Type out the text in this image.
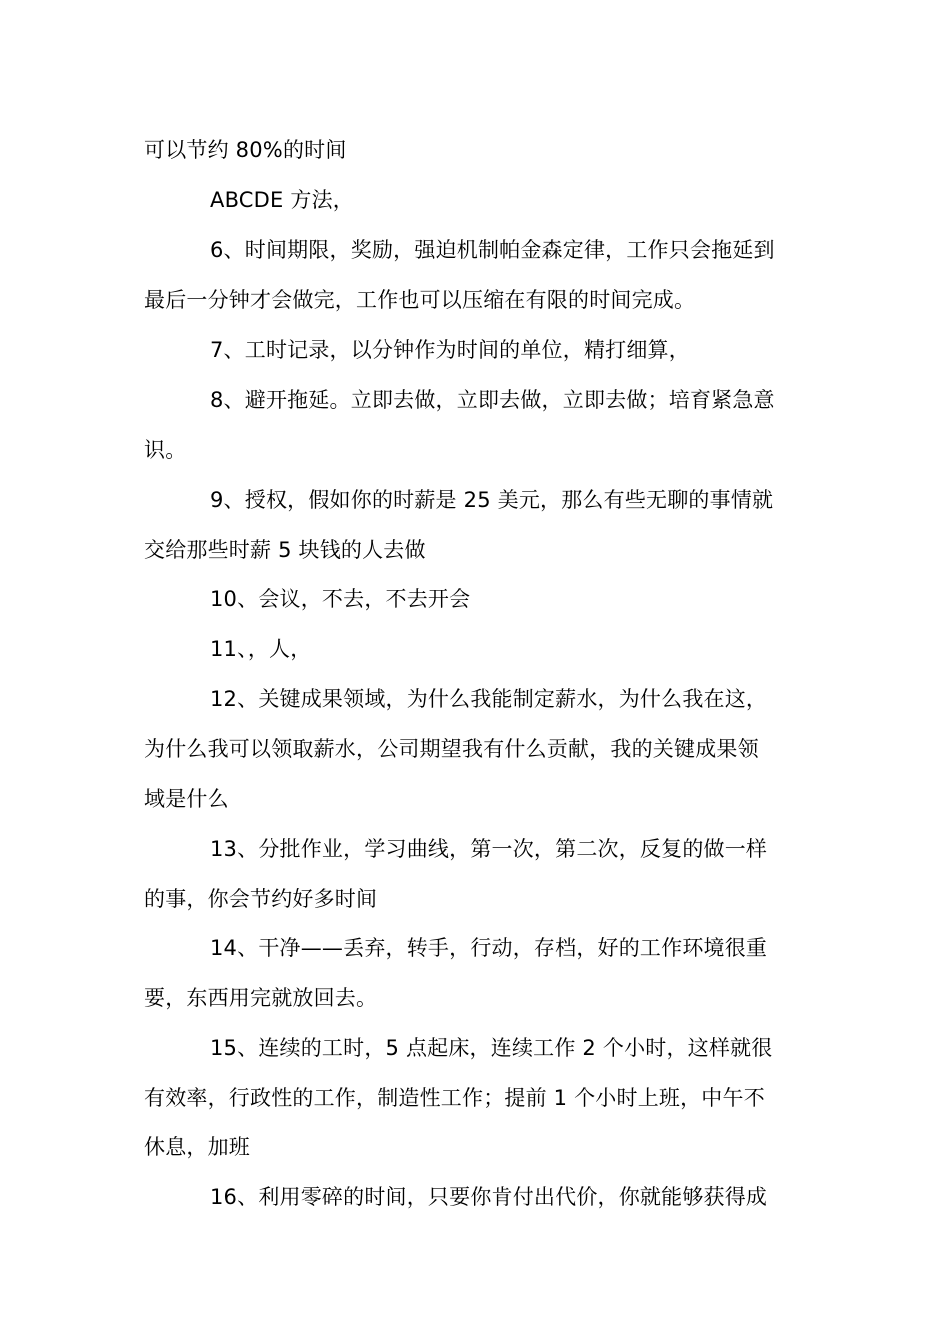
可以节约 80%的时间
ABCDE 方法，
6、时间期限，奖励，强迫机制帕金森定律，工作只会拖延到
最后一分钟才会做完，工作也可以压缩在有限的时间完成。
7、工时记录，以分钟作为时间的单位，精打细算，
8、避开拖延。立即去做，立即去做，立即去做；培育紧急意
识。
9、授权，假如你的时薪是 25 美元，那么有些无聊的事情就
交给那些时薪 5 块钱的人去做
10、会议，不去，不去开会
11、，人，
12、关键成果领域，为什么我能制定薪水，为什么我在这，
为什么我可以领取薪水，公司期望我有什么贡献，我的关键成果领
域是什么
13、分批作业，学习曲线，第一次，第二次，反复的做一样
的事，你会节约好多时间
14、干净——丢弃，转手，行动，存档，好的工作环境很重
要，东西用完就放回去。
15、连续的工时，5 点起床，连续工作 2 个小时，这样就很
有效率，行政性的工作，制造性工作；提前 1 个小时上班，中午不
休息，加班
16、利用零碎的时间，只要你肯付出代价，你就能够获得成
